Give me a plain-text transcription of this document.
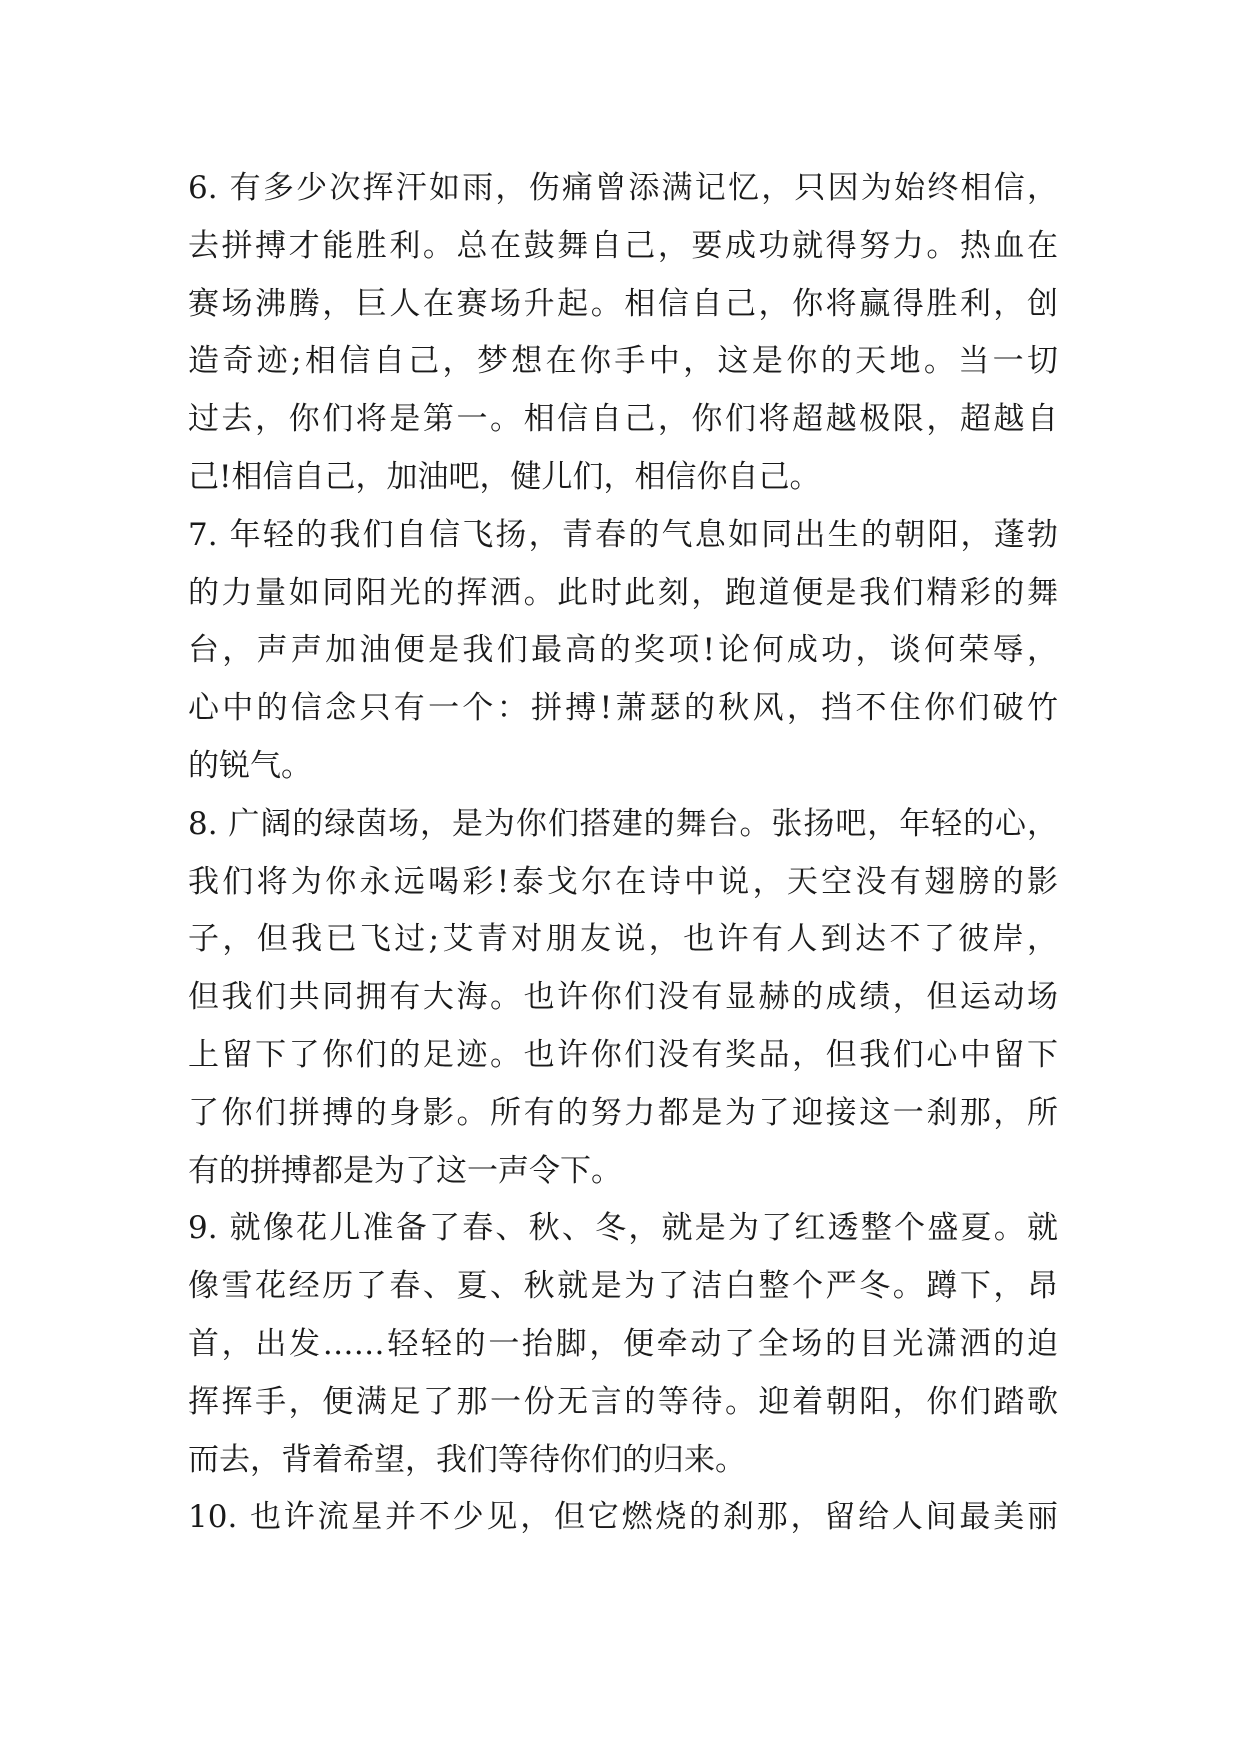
6. 有多少次挥汗如雨，伤痛曾添满记忆，只因为始终相信，
去拼搏才能胜利。总在鼓舞自己，要成功就得努力。热血在
赛场沸腾，巨人在赛场升起。相信自己，你将赢得胜利，创
造奇迹;相信自己，梦想在你手中，这是你的天地。当一切
过去，你们将是第一。相信自己，你们将超越极限，超越自
己!相信自己，加油吧，健儿们，相信你自己。
7. 年轻的我们自信飞扬，青春的气息如同出生的朝阳，蓬勃
的力量如同阳光的挥洒。此时此刻，跑道便是我们精彩的舞
台，声声加油便是我们最高的奖项!论何成功，谈何荣辱，
心中的信念只有一个：拼搏!萧瑟的秋风，挡不住你们破竹
的锐气。
8. 广阔的绿茵场，是为你们搭建的舞台。张扬吧，年轻的心，
我们将为你永远喝彩!泰戈尔在诗中说，天空没有翅膀的影
子，但我已飞过;艾青对朋友说，也许有人到达不了彼岸，
但我们共同拥有大海。也许你们没有显赫的成绩，但运动场
上留下了你们的足迹。也许你们没有奖品，但我们心中留下
了你们拼搏的身影。所有的努力都是为了迎接这一刹那，所
有的拼搏都是为了这一声令下。
9. 就像花儿准备了春、秋、冬，就是为了红透整个盛夏。就
像雪花经历了春、夏、秋就是为了洁白整个严冬。蹲下，昂
首，出发……轻轻的一抬脚，便牵动了全场的目光潇洒的迫
挥挥手，便满足了那一份无言的等待。迎着朝阳，你们踏歌
而去，背着希望，我们等待你们的归来。
10. 也许流星并不少见，但它燃烧的刹那，留给人间最美丽
